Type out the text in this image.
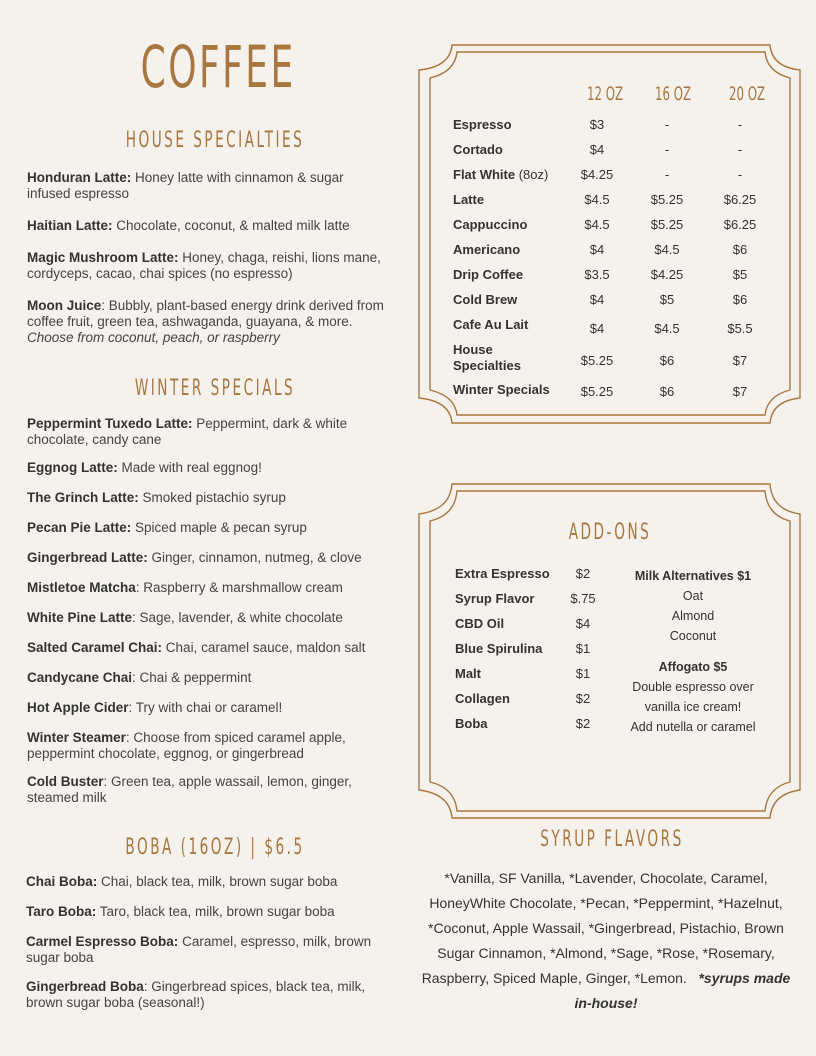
COFFEE
HOUSE SPECIALTIES
Honduran Latte: Honey latte with cinnamon & sugar infused espresso
Haitian Latte: Chocolate, coconut, & malted milk latte
Magic Mushroom Latte: Honey, chaga, reishi, lions mane, cordyceps, cacao, chai spices (no espresso)
Moon Juice: Bubbly, plant-based energy drink derived from coffee fruit, green tea, ashwaganda, guayana, & more. Choose from coconut, peach, or raspberry
WINTER SPECIALS
Peppermint Tuxedo Latte: Peppermint, dark & white chocolate, candy cane
Eggnog Latte: Made with real eggnog!
The Grinch Latte: Smoked pistachio syrup
Pecan Pie Latte: Spiced maple & pecan syrup
Gingerbread Latte: Ginger, cinnamon, nutmeg, & clove
Mistletoe Matcha: Raspberry & marshmallow cream
White Pine Latte: Sage, lavender, & white chocolate
Salted Caramel Chai: Chai, caramel sauce, maldon salt
Candycane Chai: Chai & peppermint
Hot Apple Cider: Try with chai or caramel!
Winter Steamer: Choose from spiced caramel apple, peppermint chocolate, eggnog, or gingerbread
Cold Buster: Green tea, apple wassail, lemon, ginger, steamed milk
BOBA (16OZ) | $6.5
Chai Boba: Chai, black tea, milk, brown sugar boba
Taro Boba: Taro, black tea, milk, brown sugar boba
Carmel Espresso Boba: Caramel, espresso, milk, brown sugar boba
Gingerbread Boba: Gingerbread spices, black tea, milk, brown sugar boba (seasonal!)
12 OZ	16 OZ	20 OZ
Espresso	$3	-	-
Cortado	$4	-	-
Flat White (8oz)	$4.25	-	-
Latte	$4.5	$5.25	$6.25
Cappuccino	$4.5	$5.25	$6.25
Americano	$4	$4.5	$6
Drip Coffee	$3.5	$4.25	$5
Cold Brew	$4	$5	$6
Cafe Au Lait	$4	$4.5	$5.5
House Specialties	$5.25	$6	$7
Winter Specials	$5.25	$6	$7
ADD-ONS
Extra Espresso	$2
Syrup Flavor	$.75
CBD Oil	$4
Blue Spirulina	$1
Malt	$1
Collagen	$2
Boba	$2
Milk Alternatives $1
Oat
Almond
Coconut
Affogato $5
Double espresso over
vanilla ice cream!
Add nutella or caramel
SYRUP FLAVORS
*Vanilla, SF Vanilla, *Lavender, Chocolate, Caramel, HoneyWhite Chocolate, *Pecan, *Peppermint, *Hazelnut, *Coconut, Apple Wassail, *Gingerbread, Pistachio, Brown Sugar Cinnamon, *Almond, *Sage, *Rose, *Rosemary, Raspberry, Spiced Maple, Ginger, *Lemon. *syrups made in-house!
